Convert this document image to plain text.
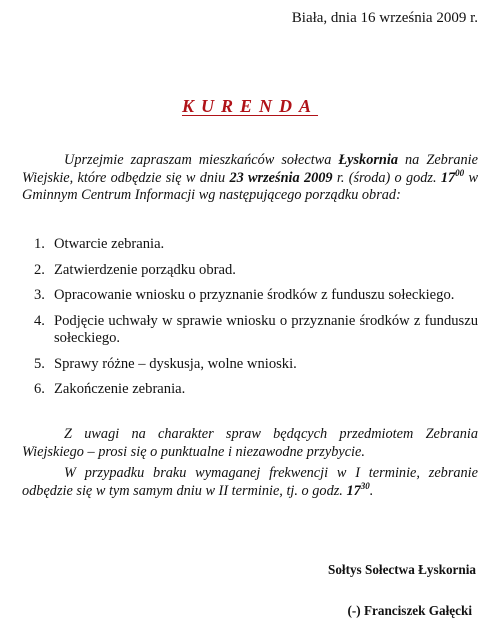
Biała, dnia 16 września 2009 r.
KURENDA
Uprzejmie zapraszam mieszkańców sołectwa Łyskornia na Zebranie Wiejskie, które odbędzie się w dniu 23 września 2009 r. (środa) o godz. $17^{00}$ w Gminnym Centrum Informacji wg następującego porządku obrad:
1. Otwarcie zebrania.
2. Zatwierdzenie porządku obrad.
3. Opracowanie wniosku o przyznanie środków z funduszu sołeckiego.
4. Podjęcie uchwały w sprawie wniosku o przyznanie środków z funduszu sołeckiego.
5. Sprawy różne – dyskusja, wolne wnioski.
6. Zakończenie zebrania.
Z uwagi na charakter spraw będących przedmiotem Zebrania Wiejskiego – prosi się o punktualne i niezawodne przybycie.
W przypadku braku wymaganej frekwencji w I terminie, zebranie odbędzie się w tym samym dniu w II terminie, tj. o godz. $17^{30}$.
Sołtys Sołectwa Łyskornia
(-) Franciszek Gałęcki
